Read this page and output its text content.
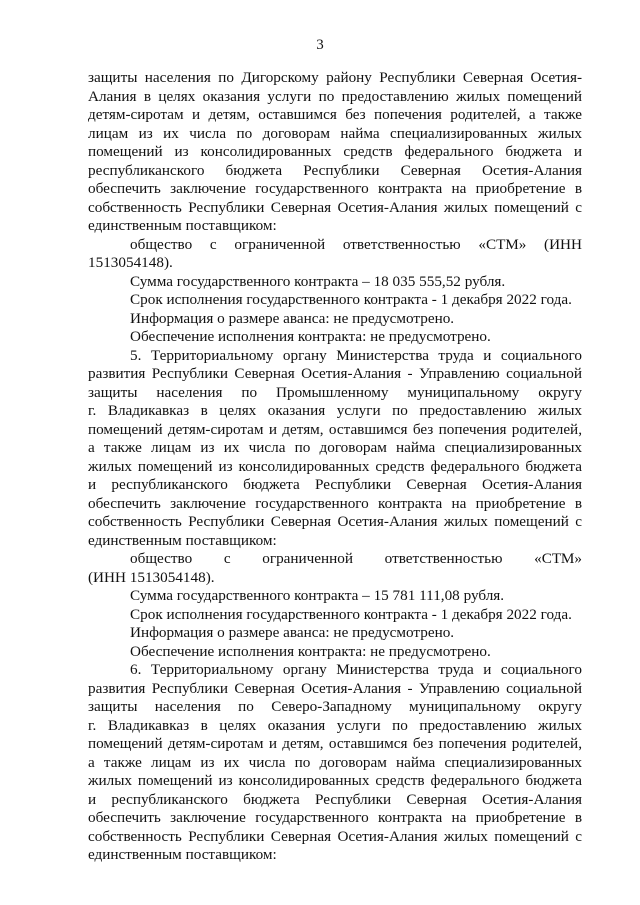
3
защиты населения по Дигорскому району Республики Северная Осетия-
Алания в целях оказания услуги по предоставлению жилых помещений
детям-сиротам и детям, оставшимся без попечения родителей, а также
лицам из их числа по договорам найма специализированных жилых
помещений из консолидированных средств федерального бюджета и
республиканского бюджета Республики Северная Осетия-Алания
обеспечить заключение государственного контракта на приобретение в
собственность Республики Северная Осетия-Алания жилых помещений с
единственным поставщиком:
общество с ограниченной ответственностью «СТМ» (ИНН
1513054148).
Сумма государственного контракта – 18 035 555,52 рубля.
Срок исполнения государственного контракта - 1 декабря 2022 года.
Информация о размере аванса: не предусмотрено.
Обеспечение исполнения контракта: не предусмотрено.
5. Территориальному органу Министерства труда и социального
развития Республики Северная Осетия-Алания - Управлению социальной
защиты населения по Промышленному муниципальному округу
г. Владикавказ в целях оказания услуги по предоставлению жилых
помещений детям-сиротам и детям, оставшимся без попечения родителей,
а также лицам из их числа по договорам найма специализированных
жилых помещений из консолидированных средств федерального бюджета
и республиканского бюджета Республики Северная Осетия-Алания
обеспечить заключение государственного контракта на приобретение в
собственность Республики Северная Осетия-Алания жилых помещений с
единственным поставщиком:
общество с ограниченной ответственностью «СТМ»
(ИНН 1513054148).
Сумма государственного контракта – 15 781 111,08 рубля.
Срок исполнения государственного контракта - 1 декабря 2022 года.
Информация о размере аванса: не предусмотрено.
Обеспечение исполнения контракта: не предусмотрено.
6. Территориальному органу Министерства труда и социального
развития Республики Северная Осетия-Алания - Управлению социальной
защиты населения по Северо-Западному муниципальному округу
г. Владикавказ в целях оказания услуги по предоставлению жилых
помещений детям-сиротам и детям, оставшимся без попечения родителей,
а также лицам из их числа по договорам найма специализированных
жилых помещений из консолидированных средств федерального бюджета
и республиканского бюджета Республики Северная Осетия-Алания
обеспечить заключение государственного контракта на приобретение в
собственность Республики Северная Осетия-Алания жилых помещений с
единственным поставщиком:
